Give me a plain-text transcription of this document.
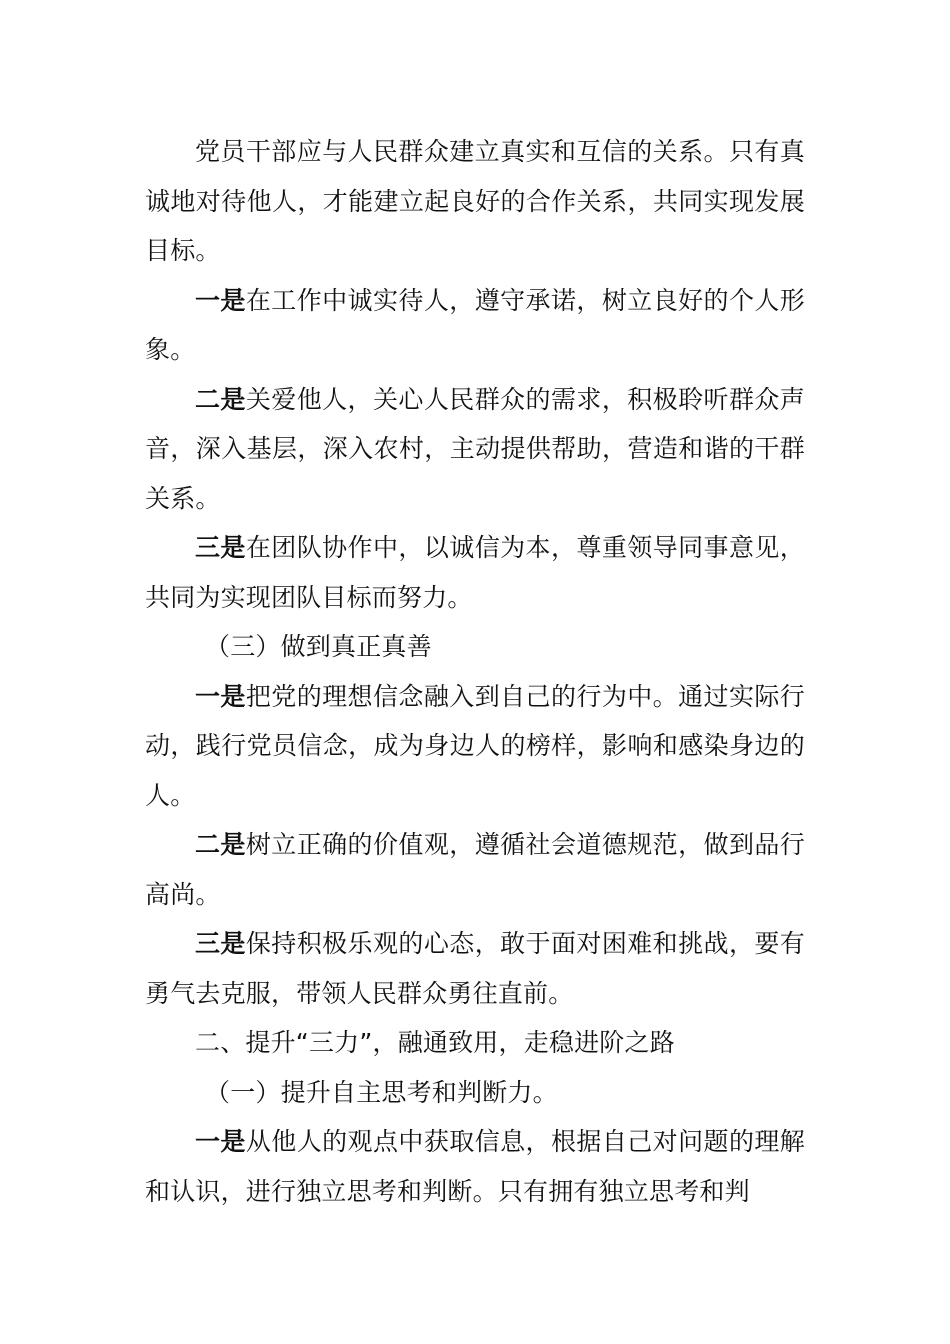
党员干部应与人民群众建立真实和互信的关系。只有真诚地对待他人，才能建立起良好的合作关系，共同实现发展目标。

一是在工作中诚实待人，遵守承诺，树立良好的个人形象。

二是关爱他人，关心人民群众的需求，积极聆听群众声音，深入基层，深入农村，主动提供帮助，营造和谐的干群关系。

三是在团队协作中，以诚信为本，尊重领导同事意见，共同为实现团队目标而努力。

（三）做到真正真善

一是把党的理想信念融入到自己的行为中。通过实际行动，践行党员信念，成为身边人的榜样，影响和感染身边的人。

二是树立正确的价值观，遵循社会道德规范，做到品行高尚。

三是保持积极乐观的心态，敢于面对困难和挑战，要有勇气去克服，带领人民群众勇往直前。

二、提升“三力”，融通致用，走稳进阶之路

（一）提升自主思考和判断力。

一是从他人的观点中获取信息，根据自己对问题的理解和认识，进行独立思考和判断。只有拥有独立思考和判
